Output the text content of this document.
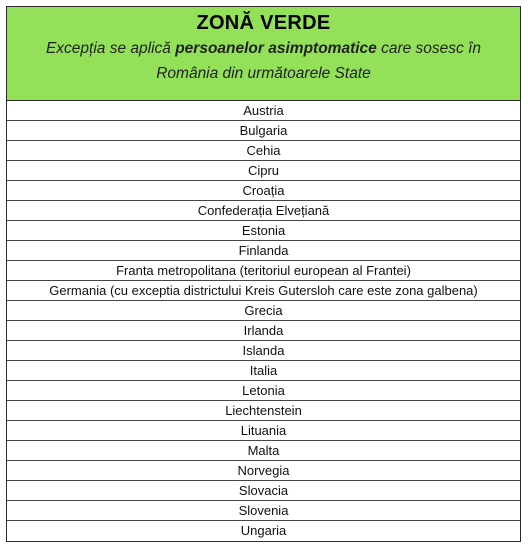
ZONĂ VERDE
Excepția se aplică persoanelor asimptomatice care sosesc în România din următoarele State
Austria
Bulgaria
Cehia
Cipru
Croația
Confederația Elvețiană
Estonia
Finlanda
Franta metropolitana (teritoriul european al Frantei)
Germania (cu exceptia districtului Kreis Gutersloh care este zona galbena)
Grecia
Irlanda
Islanda
Italia
Letonia
Liechtenstein
Lituania
Malta
Norvegia
Slovacia
Slovenia
Ungaria
